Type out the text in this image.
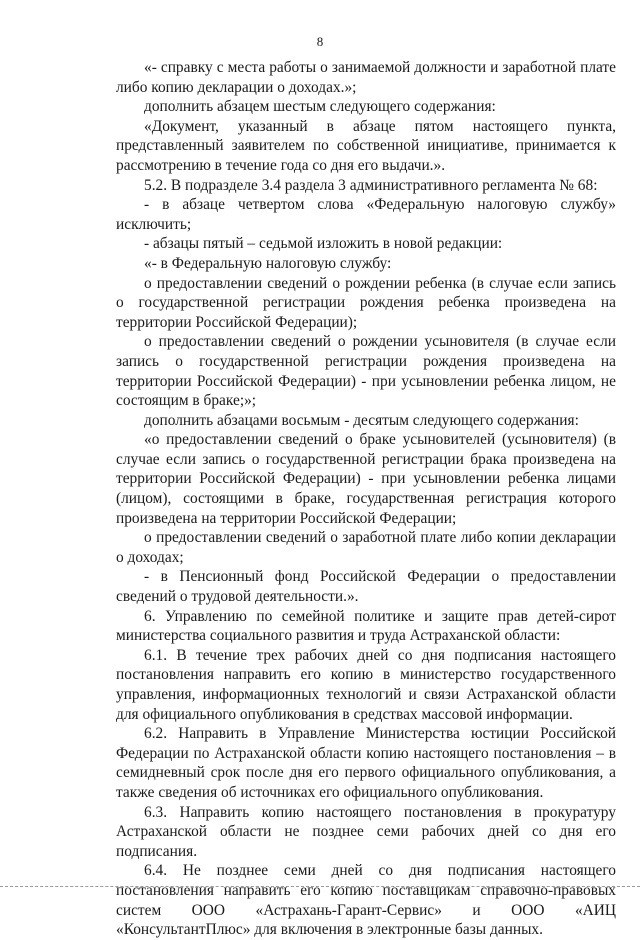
8

«- справку с места работы о занимаемой должности и заработной плате либо копию декларации о доходах.»;

дополнить абзацем шестым следующего содержания:

«Документ, указанный в абзаце пятом настоящего пункта, представленный заявителем по собственной инициативе, принимается к рассмотрению в течение года со дня его выдачи.».

5.2. В подразделе 3.4 раздела 3 административного регламента № 68:

- в абзаце четвертом слова «Федеральную налоговую службу» исключить;

- абзацы пятый – седьмой изложить в новой редакции:

«- в Федеральную налоговую службу:

о предоставлении сведений о рождении ребенка (в случае если запись о государственной регистрации рождения ребенка произведена на территории Российской Федерации);

о предоставлении сведений о рождении усыновителя (в случае если запись о государственной регистрации рождения произведена на территории Российской Федерации) - при усыновлении ребенка лицом, не состоящим в браке;»;

дополнить абзацами восьмым - десятым следующего содержания:

«о предоставлении сведений о браке усыновителей (усыновителя) (в случае если запись о государственной регистрации брака произведена на территории Российской Федерации) - при усыновлении ребенка лицами (лицом), состоящими в браке, государственная регистрация которого произведена на территории Российской Федерации;

о предоставлении сведений о заработной плате либо копии декларации о доходах;

- в Пенсионный фонд Российской Федерации о предоставлении сведений о трудовой деятельности.».

6. Управлению по семейной политике и защите прав детей-сирот министерства социального развития и труда Астраханской области:

6.1. В течение трех рабочих дней со дня подписания настоящего постановления направить его копию в министерство государственного управления, информационных технологий и связи Астраханской области для официального опубликования в средствах массовой информации.

6.2. Направить в Управление Министерства юстиции Российской Федерации по Астраханской области копию настоящего постановления – в семидневный срок после дня его первого официального опубликования, а также сведения об источниках его официального опубликования.

6.3. Направить копию настоящего постановления в прокуратуру Астраханской области не позднее семи рабочих дней со дня его подписания.

6.4. Не позднее семи дней со дня подписания настоящего постановления направить его копию поставщикам справочно-правовых систем ООО «Астрахань-Гарант-Сервис» и ООО «АИЦ «КонсультантПлюс» для включения в электронные базы данных.
